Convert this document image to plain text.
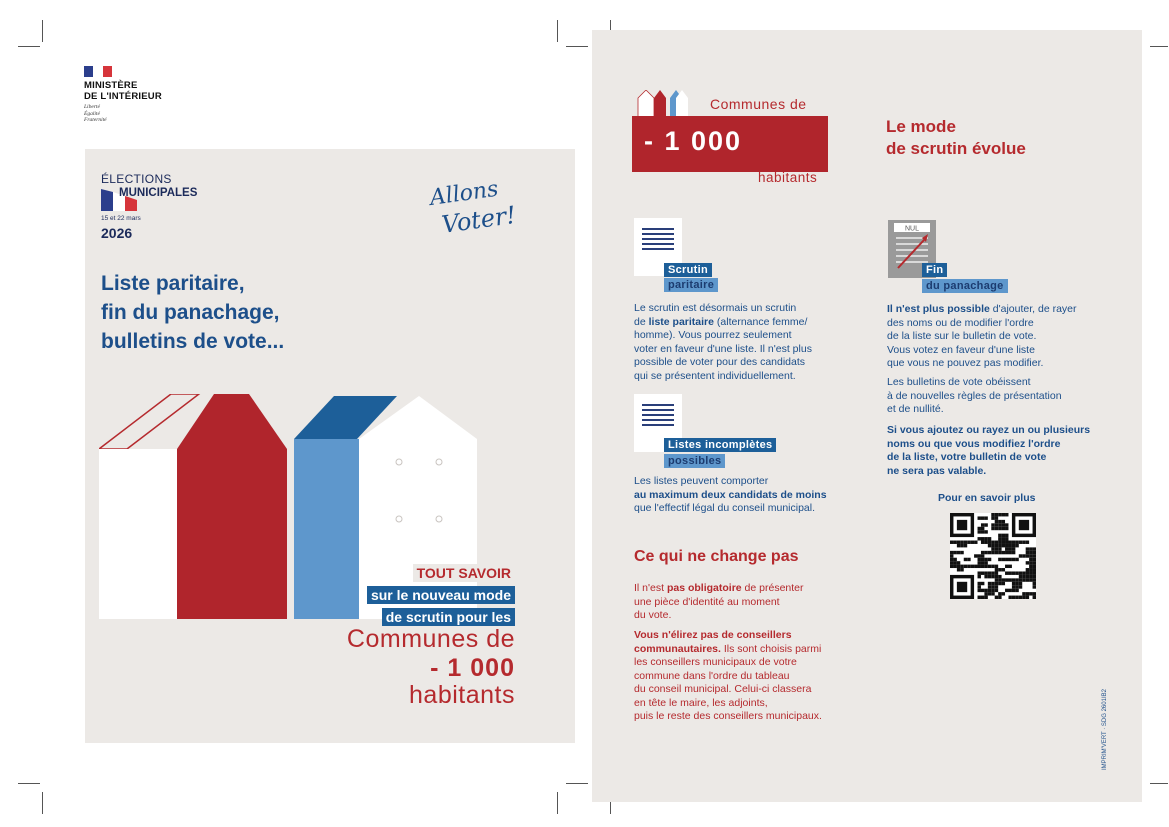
MINISTÈRE
DE L'INTÉRIEUR
Liberté
Égalité
Fraternité
ÉLECTIONS
MUNICIPALES
15 et 22 mars
2026
Allons
Voter!
Liste paritaire,
fin du panachage,
bulletins de vote...
TOUT SAVOIR
sur le nouveau mode
de scrutin pour les
Communes de
- 1 000
habitants
Communes de
- 1 000
habitants
Le mode
de scrutin évolue
Scrutin
paritaire
Le scrutin est désormais un scrutin
de liste paritaire (alternance femme/
homme). Vous pourrez seulement
voter en faveur d'une liste. Il n'est plus
possible de voter pour des candidats
qui se présentent individuellement.
Listes incomplètes
possibles
Les listes peuvent comporter
au maximum deux candidats de moins
que l'effectif légal du conseil municipal.
Ce qui ne change pas
Il n'est pas obligatoire de présenter
une pièce d'identité au moment
du vote.
Vous n'élirez pas de conseillers
communautaires. Ils sont choisis parmi
les conseillers municipaux de votre
commune dans l'ordre du tableau
du conseil municipal. Celui-ci classera
en tête le maire, les adjoints,
puis le reste des conseillers municipaux.
NUL
Fin
du panachage
Il n'est plus possible d'ajouter, de rayer
des noms ou de modifier l'ordre
de la liste sur le bulletin de vote.
Vous votez en faveur d'une liste
que vous ne pouvez pas modifier.
Les bulletins de vote obéissent
à de nouvelles règles de présentation
et de nullité.
Si vous ajoutez ou rayez un ou plusieurs
noms ou que vous modifiez l'ordre
de la liste, votre bulletin de vote
ne sera pas valable.
Pour en savoir plus
IMPRIM'VERT · SDG 2601IB2
